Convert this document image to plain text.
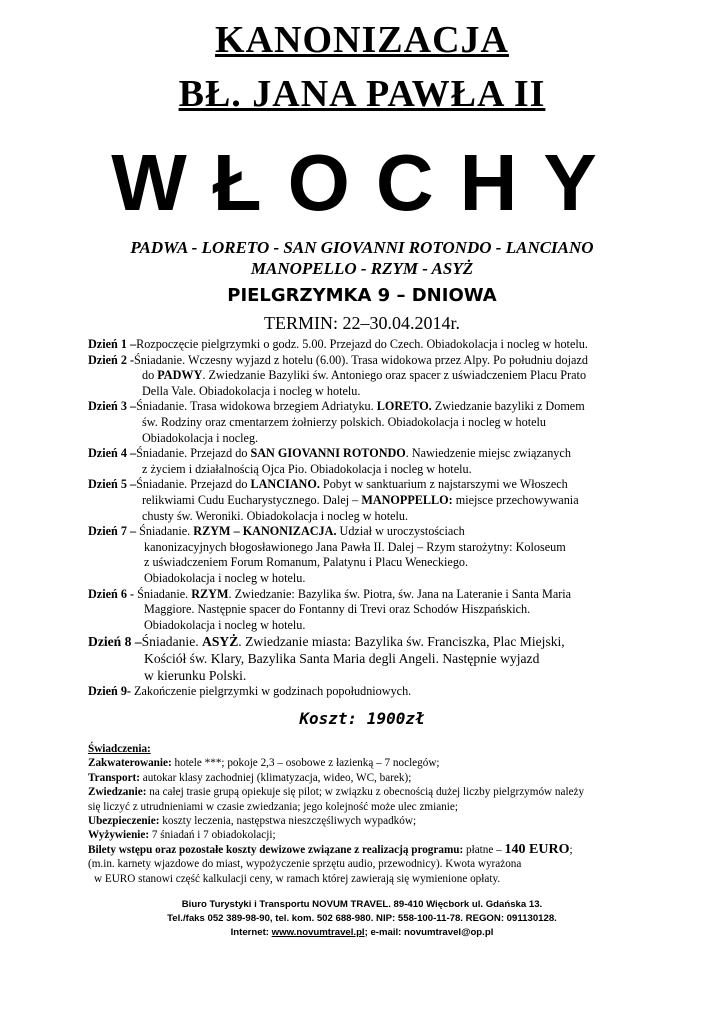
KANONIZACJA
BŁ. JANA PAWŁA II
WŁOCHY
PADWA - LORETO - SAN GIOVANNI ROTONDO - LANCIANO
MANOPELLO - RZYM - ASYŻ
PIELGRZYMKA 9 – DNIOWA
TERMIN: 22–30.04.2014r.
Dzień 1 –Rozpoczęcie pielgrzymki o godz. 5.00. Przejazd do Czech. Obiadokolacja i nocleg w hotelu.
Dzień 2 -Śniadanie. Wczesny wyjazd z hotelu (6.00). Trasa widokowa przez Alpy. Po południu dojazd
do PADWY. Zwiedzanie Bazyliki św. Antoniego oraz spacer z uświadczeniem Placu Prato
Della Vale. Obiadokolacja i nocleg w hotelu.
Dzień 3 –Śniadanie. Trasa widokowa brzegiem Adriatyku. LORETO. Zwiedzanie bazyliki z Domem
św. Rodziny oraz cmentarzem żołnierzy polskich. Obiadokolacja i nocleg w hotelu
Obiadokolacja i nocleg.
Dzień 4 –Śniadanie. Przejazd do SAN GIOVANNI ROTONDO. Nawiedzenie miejsc związanych
z życiem i działalnością Ojca Pio. Obiadokolacja i nocleg w hotelu.
Dzień 5 –Śniadanie. Przejazd do LANCIANO. Pobyt w sanktuarium z najstarszymi we Włoszech
relikwiami Cudu Eucharystycznego. Dalej – MANOPPELLO: miejsce przechowywania
chusty św. Weroniki. Obiadokolacja i nocleg w hotelu.
Dzień 7 – Śniadanie. RZYM – KANONIZACJA. Udział w uroczystościach
kanonizacyjnych błogosławionego Jana Pawła II. Dalej – Rzym starożytny: Koloseum
z uświadczeniem Forum Romanum, Palatynu i Placu Weneckiego.
Obiadokolacja i nocleg w hotelu.
Dzień 6 - Śniadanie. RZYM. Zwiedzanie: Bazylika św. Piotra, św. Jana na Lateranie i Santa Maria
Maggiore. Następnie spacer do Fontanny di Trevi oraz Schodów Hiszpańskich.
Obiadokolacja i nocleg w hotelu.
Dzień 8 –Śniadanie. ASYŻ. Zwiedzanie miasta: Bazylika św. Franciszka, Plac Miejski,
Kościół św. Klary, Bazylika Santa Maria degli Angeli. Następnie wyjazd
w kierunku Polski.
Dzień 9- Zakończenie pielgrzymki w godzinach popołudniowych.
Koszt: 1900zł
Świadczenia:
Zakwaterowanie: hotele ***; pokoje 2,3 – osobowe z łazienką – 7 noclegów;
Transport: autokar klasy zachodniej (klimatyzacja, wideo, WC, barek);
Zwiedzanie: na całej trasie grupą opiekuje się pilot; w związku z obecnością dużej liczby pielgrzymów należy
się liczyć z utrudnieniami w czasie zwiedzania; jego kolejność może ulec zmianie;
Ubezpieczenie: koszty leczenia, następstwa nieszczęśliwych wypadków;
Wyżywienie: 7 śniadań i 7 obiadokolacji;
Bilety wstępu oraz pozostałe koszty dewizowe związane z realizacją programu: płatne – 140 EURO;
(m.in. karnety wjazdowe do miast, wypożyczenie sprzętu audio, przewodnicy). Kwota wyrażona
w EURO stanowi część kalkulacji ceny, w ramach której zawierają się wymienione opłaty.
Biuro Turystyki i Transportu NOVUM TRAVEL. 89-410 Więcbork ul. Gdańska 13.
Tel./faks 052 389-98-90, tel. kom. 502 688-980. NIP: 558-100-11-78. REGON: 091130128.
Internet: www.novumtravel.pl; e-mail: novumtravel@op.pl
